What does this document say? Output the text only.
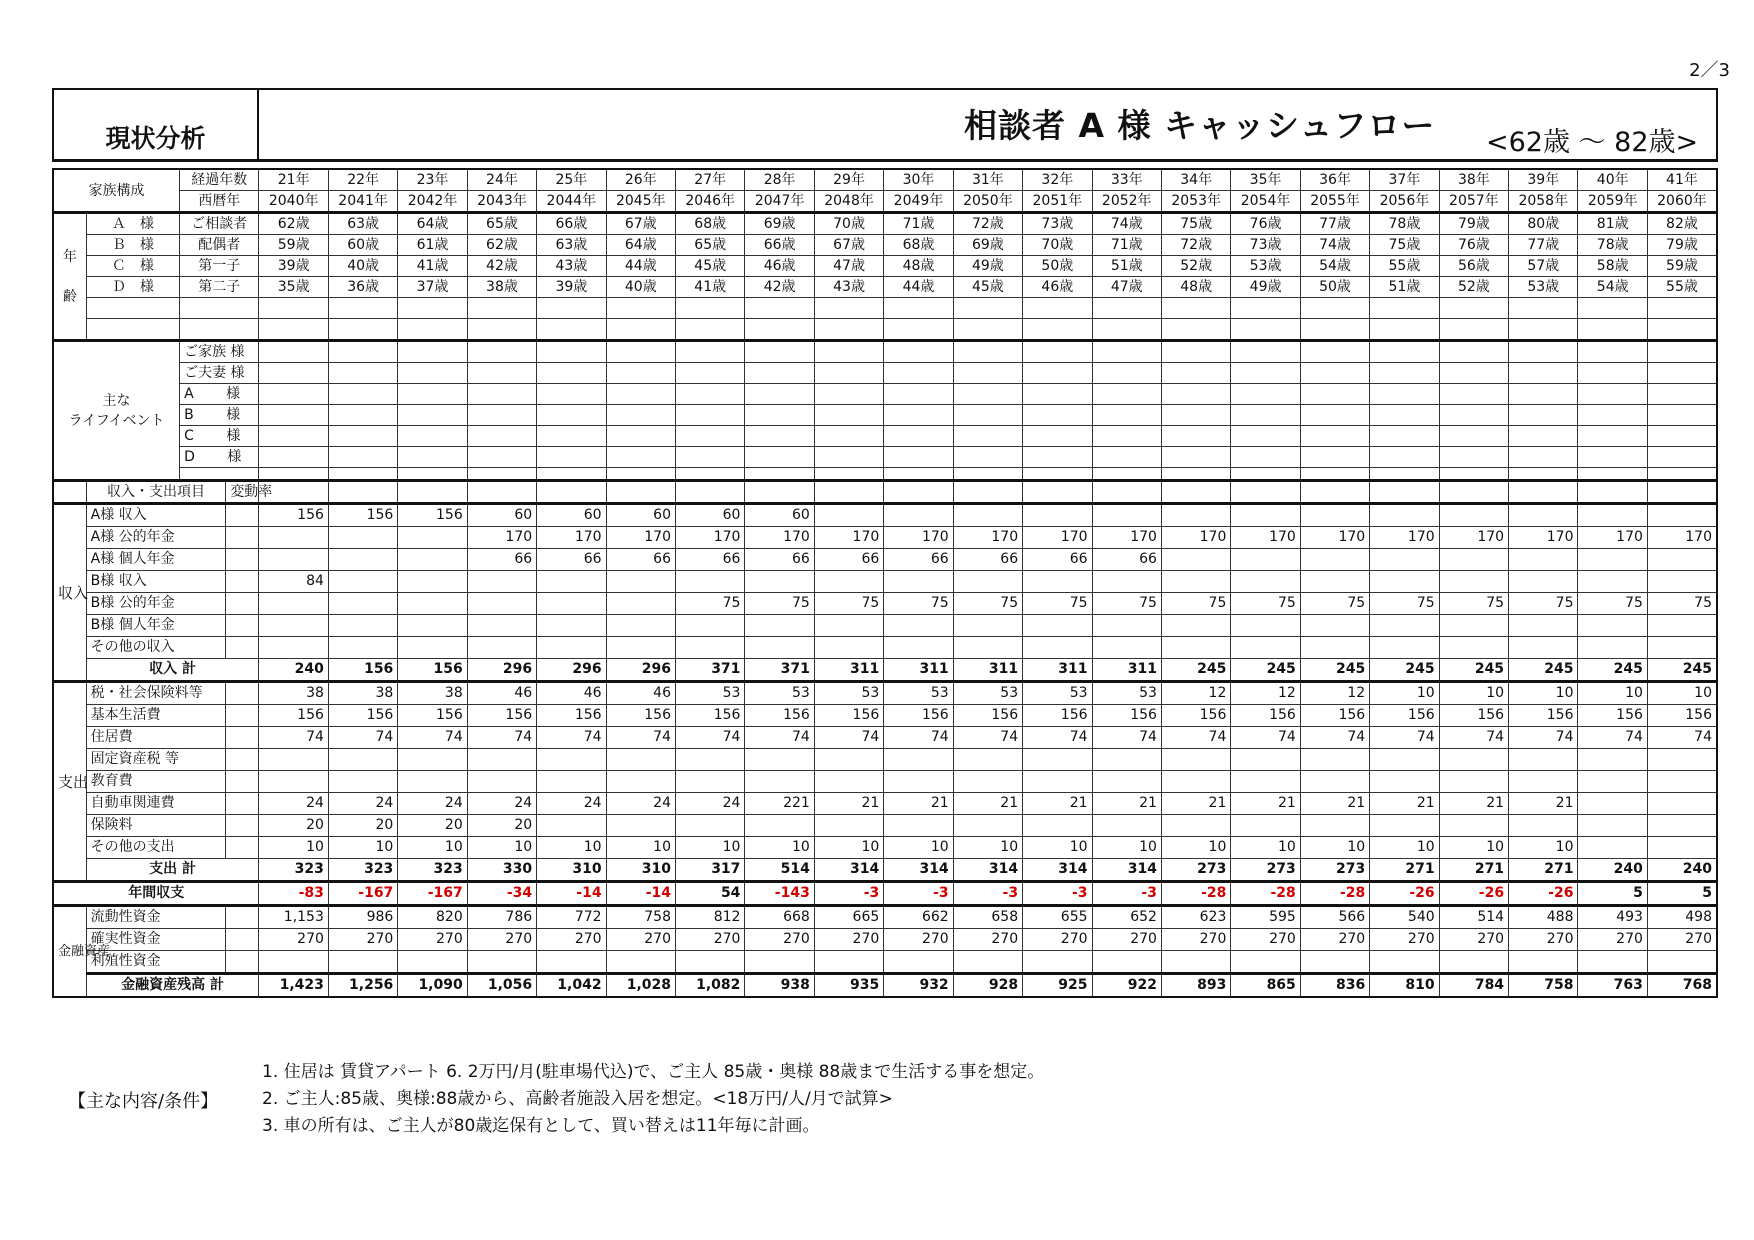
2／3
現状分析	相談者 A 様 キャッシュフロー <62歳 ～ 82歳>
家族構成		経過年数		21年	22年	23年	24年	25年	26年	27年	28年	29年	30年	31年	32年	33年	34年	35年	36年	37年	38年	39年	40年	41年
		西暦年		2040年	2041年	2042年	2043年	2044年	2045年	2046年	2047年	2048年	2049年	2050年	2051年	2052年	2053年	2054年	2055年	2056年	2057年	2058年	2059年	2060年
年齢	Ａ　様	ご相談者		62歳	63歳	64歳	65歳	66歳	67歳	68歳	69歳	70歳	71歳	72歳	73歳	74歳	75歳	76歳	77歳	78歳	79歳	80歳	81歳	82歳
	Ｂ　様	配偶者		59歳	60歳	61歳	62歳	63歳	64歳	65歳	66歳	67歳	68歳	69歳	70歳	71歳	72歳	73歳	74歳	75歳	76歳	77歳	78歳	79歳
	Ｃ　様	第一子		39歳	40歳	41歳	42歳	43歳	44歳	45歳	46歳	47歳	48歳	49歳	50歳	51歳	52歳	53歳	54歳	55歳	56歳	57歳	58歳	59歳
	Ｄ　様	第二子		35歳	36歳	37歳	38歳	39歳	40歳	41歳	42歳	43歳	44歳	45歳	46歳	47歳	48歳	49歳	50歳	51歳	52歳	53歳	54歳	55歳

主な
ライフイベント		ご家族 様																						
		ご夫妻 様																						
		A　　 様																						
		B　　 様																						
		C　　 様																						
		D　　 様																						

	収入・支出項目		変動率																					
収入	A様 収入			156	156	156	60	60	60	60	60													
	A様 公的年金						170	170	170	170	170	170	170	170	170	170	170	170	170	170	170	170	170	170
	A様 個人年金						66	66	66	66	66	66	66	66	66	66								
	B様 収入			84																				
	B様 公的年金									75	75	75	75	75	75	75	75	75	75	75	75	75	75	75
	B様 個人年金																							
	その他の収入																							
	収入 計			240	156	156	296	296	296	371	371	311	311	311	311	311	245	245	245	245	245	245	245	245
支出	税・社会保険料等			38	38	38	46	46	46	53	53	53	53	53	53	53	12	12	12	10	10	10	10	10
	基本生活費			156	156	156	156	156	156	156	156	156	156	156	156	156	156	156	156	156	156	156	156	156
	住居費			74	74	74	74	74	74	74	74	74	74	74	74	74	74	74	74	74	74	74	74	74
	固定資産税 等																							
	教育費																							
	自動車関連費			24	24	24	24	24	24	24	221	21	21	21	21	21	21	21	21	21	21	21		
	保険料			20	20	20	20																	
	その他の支出			10	10	10	10	10	10	10	10	10	10	10	10	10	10	10	10	10	10	10		
	支出 計			323	323	323	330	310	310	317	514	314	314	314	314	314	273	273	273	271	271	271	240	240
年間収支				-83	-167	-167	-34	-14	-14	54	-143	-3	-3	-3	-3	-3	-28	-28	-28	-26	-26	-26	5	5
金融資産	流動性資金			1,153	986	820	786	772	758	812	668	665	662	658	655	652	623	595	566	540	514	488	493	498
	確実性資金			270	270	270	270	270	270	270	270	270	270	270	270	270	270	270	270	270	270	270	270	270
	利殖性資金																							
	金融資産残高 計			1,423	1,256	1,090	1,056	1,042	1,028	1,082	938	935	932	928	925	922	893	865	836	810	784	758	763	768
【主な内容/条件】
1. 住居は 賃貸アパート 6. 2万円/月(駐車場代込)で、ご主人 85歳・奥様 88歳まで生活する事を想定。
2. ご主人:85歳、奥様:88歳から、高齢者施設入居を想定。<18万円/人/月で試算>
3. 車の所有は、ご主人が80歳迄保有として、買い替えは11年毎に計画。
